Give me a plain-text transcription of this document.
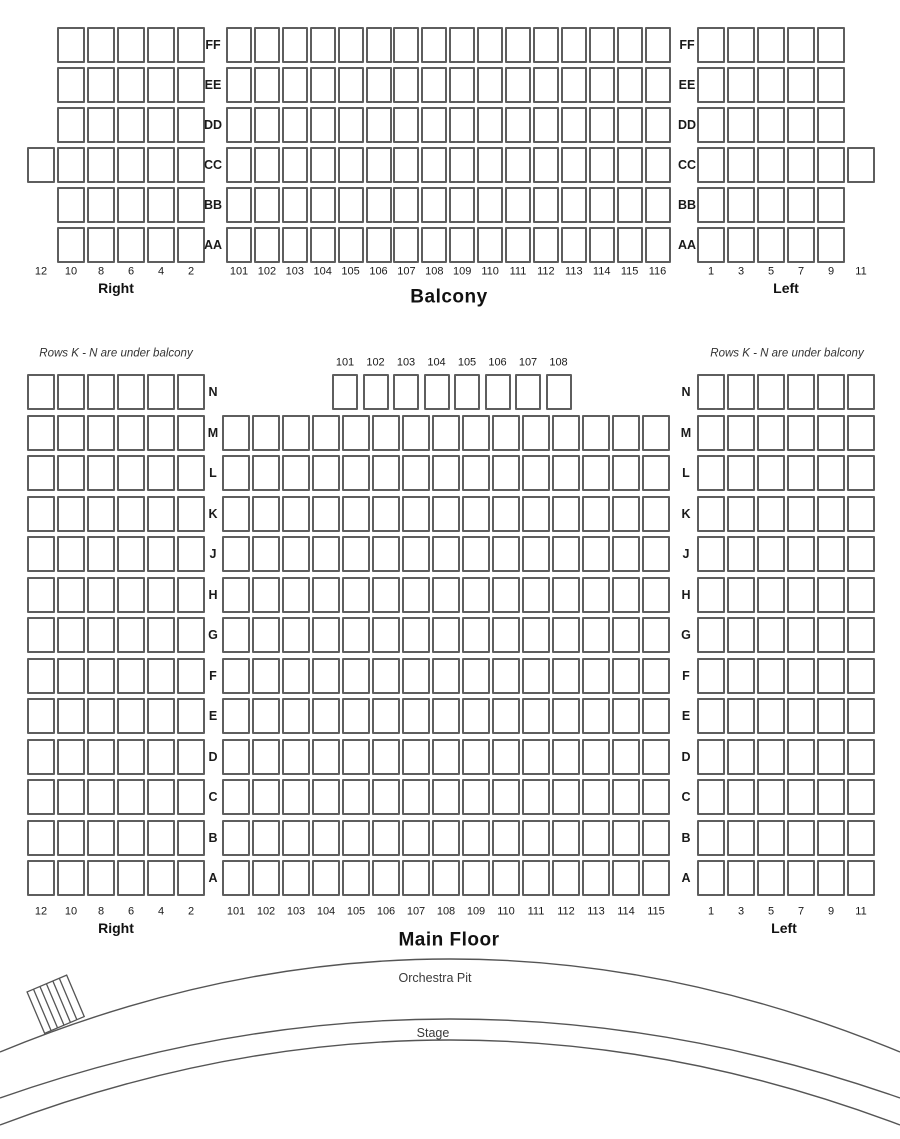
Right	Left
Balcony
Rows K - N are under balcony	Rows K - N are under balcony
Right	Left
Main Floor
Orchestra Pit
Stage
FF	FF
EE	EE
DD	DD
CC	CC
BB	BB
AA	AA
12 10 8 6 4 2	101 102 103 104 105 106 107 108 109 110 111 112 113 114 115 116	1 3 5 7 9 11
101 102 103 104 105 106 107 108
N	N
M	M
L	L
K	K
J	J
H	H
G	G
F	F
E	E
D	D
C	C
B	B
A	A
12 10 8 6 4 2	101 102 103 104 105 106 107 108 109 110 111 112 113 114 115	1 3 5 7 9 11
